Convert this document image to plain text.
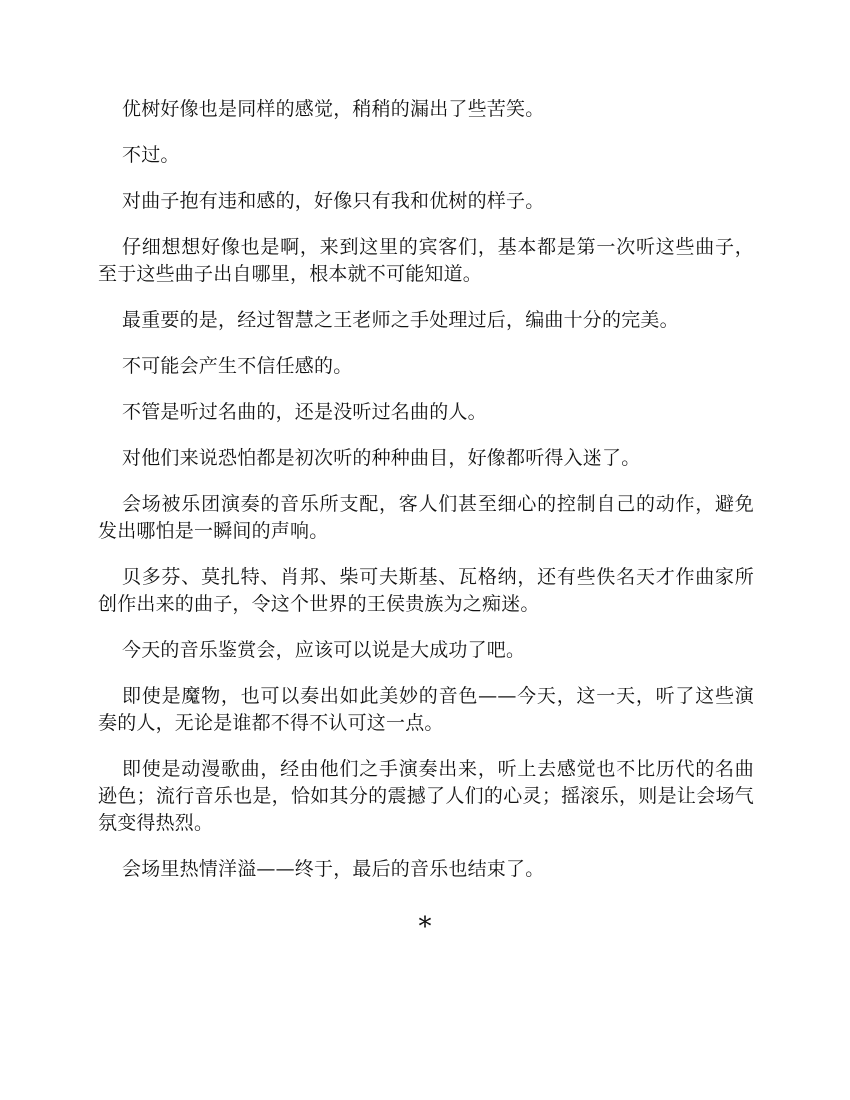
优树好像也是同样的感觉，稍稍的漏出了些苦笑。

不过。

对曲子抱有违和感的，好像只有我和优树的样子。

仔细想想好像也是啊，来到这里的宾客们，基本都是第一次听这些曲子，至于这些曲子出自哪里，根本就不可能知道。

最重要的是，经过智慧之王老师之手处理过后，编曲十分的完美。

不可能会产生不信任感的。

不管是听过名曲的，还是没听过名曲的人。

对他们来说恐怕都是初次听的种种曲目，好像都听得入迷了。

会场被乐团演奏的音乐所支配，客人们甚至细心的控制自己的动作，避免发出哪怕是一瞬间的声响。

贝多芬、莫扎特、肖邦、柴可夫斯基、瓦格纳，还有些佚名天才作曲家所创作出来的曲子，令这个世界的王侯贵族为之痴迷。

今天的音乐鉴赏会，应该可以说是大成功了吧。

即使是魔物，也可以奏出如此美妙的音色——今天，这一天，听了这些演奏的人，无论是谁都不得不认可这一点。

即使是动漫歌曲，经由他们之手演奏出来，听上去感觉也不比历代的名曲逊色；流行音乐也是，恰如其分的震撼了人们的心灵；摇滚乐，则是让会场气氛变得热烈。

会场里热情洋溢——终于，最后的音乐也结束了。

*
